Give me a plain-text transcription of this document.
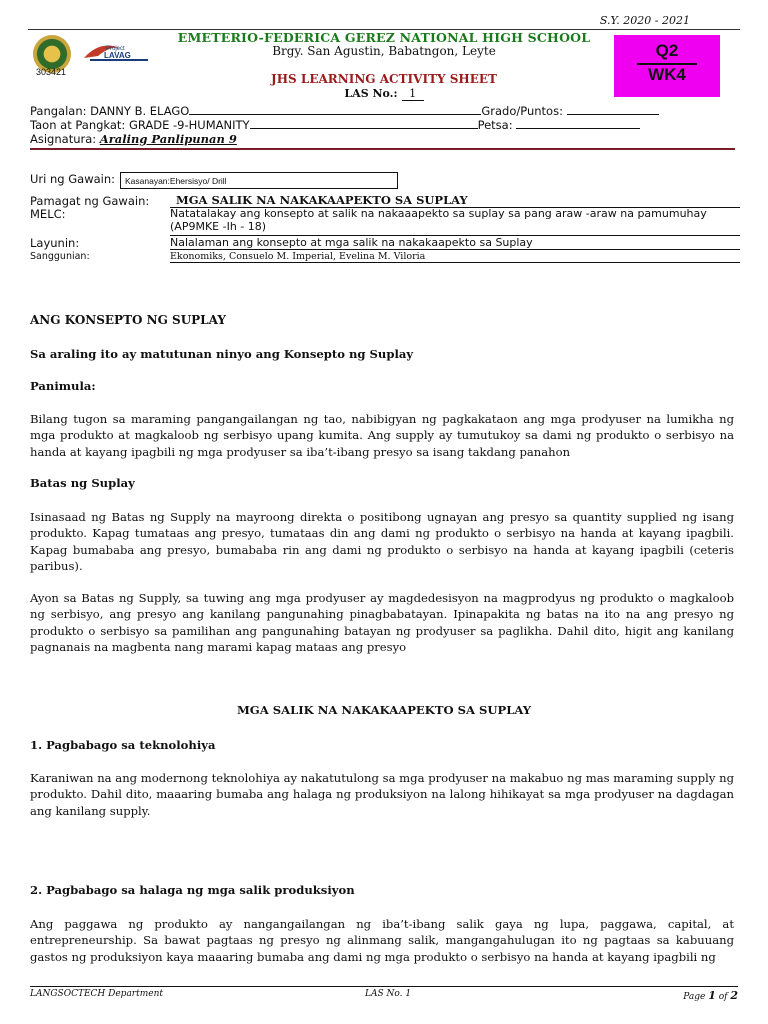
S.Y. 2020 - 2021
303421
Project
LAVAG
EMETERIO-FEDERICA GEREZ NATIONAL HIGH SCHOOL
Brgy. San Agustin, Babatngon, Leyte
JHS LEARNING ACTIVITY SHEET
LAS No.: 1
Q2
WK4
Pangalan: DANNY B. ELAGO	Grado/Puntos:
Taon at Pangkat: GRADE -9-HUMANITY	Petsa:
Asignatura: Araling Panlipunan 9
Uri ng Gawain:	Kasanayan:Ehersisyo/ Drill
Pamagat ng Gawain:	MGA SALIK NA NAKAKAAPEKTO SA SUPLAY
MELC:	Natatalakay ang konsepto at salik na nakaaapekto sa suplay sa pang araw -araw na pamumuhay
(AP9MKE -Ih - 18)
Layunin:	Nalalaman ang konsepto at mga salik na nakakaapekto sa Suplay
Sanggunian:	Ekonomiks, Consuelo M. Imperial, Evelina M. Viloria
ANG KONSEPTO NG SUPLAY
Sa araling ito ay matutunan ninyo ang Konsepto ng Suplay
Panimula:
Bilang tugon sa maraming pangangailangan ng tao, nabibigyan ng pagkakataon ang mga prodyuser na lumikha ng mga produkto at magkaloob ng serbisyo upang kumita. Ang supply ay tumutukoy sa dami ng produkto o serbisyo na handa at kayang ipagbili ng mga prodyuser sa iba’t-ibang presyo sa isang takdang panahon
Batas ng Suplay
Isinasaad ng Batas ng Supply na mayroong direkta o positibong ugnayan ang presyo sa quantity supplied ng isang produkto. Kapag tumataas ang presyo, tumataas din ang dami ng produkto o serbisyo na handa at kayang ipagbili. Kapag bumababa ang presyo, bumababa rin ang dami ng produkto o serbisyo na handa at kayang ipagbili (ceteris paribus).
Ayon sa Batas ng Supply, sa tuwing ang mga prodyuser ay magdedesisyon na magprodyus ng produkto o magkaloob ng serbisyo, ang presyo ang kanilang pangunahing pinagbabatayan. Ipinapakita ng batas na ito na ang presyo ng produkto o serbisyo sa pamilihan ang pangunahing batayan ng prodyuser sa paglikha. Dahil dito, higit ang kanilang pagnanais na magbenta nang marami kapag mataas ang presyo
MGA SALIK NA NAKAKAAPEKTO SA SUPLAY
1. Pagbabago sa teknolohiya
Karaniwan na ang modernong teknolohiya ay nakatutulong sa mga prodyuser na makabuo ng mas maraming supply ng produkto. Dahil dito, maaaring bumaba ang halaga ng produksiyon na lalong hihikayat sa mga prodyuser na dagdagan ang kanilang supply.
2. Pagbabago sa halaga ng mga salik produksiyon
Ang paggawa ng produkto ay nangangailangan ng iba’t-ibang salik gaya ng lupa, paggawa, capital, at entrepreneurship. Sa bawat pagtaas ng presyo ng alinmang salik, mangangahulugan ito ng pagtaas sa kabuuang gastos ng produksiyon kaya maaaring bumaba ang dami ng mga produkto o serbisyo na handa at kayang ipagbili ng
LANGSOCTECH Department	LAS No. 1	Page 1 of 2
